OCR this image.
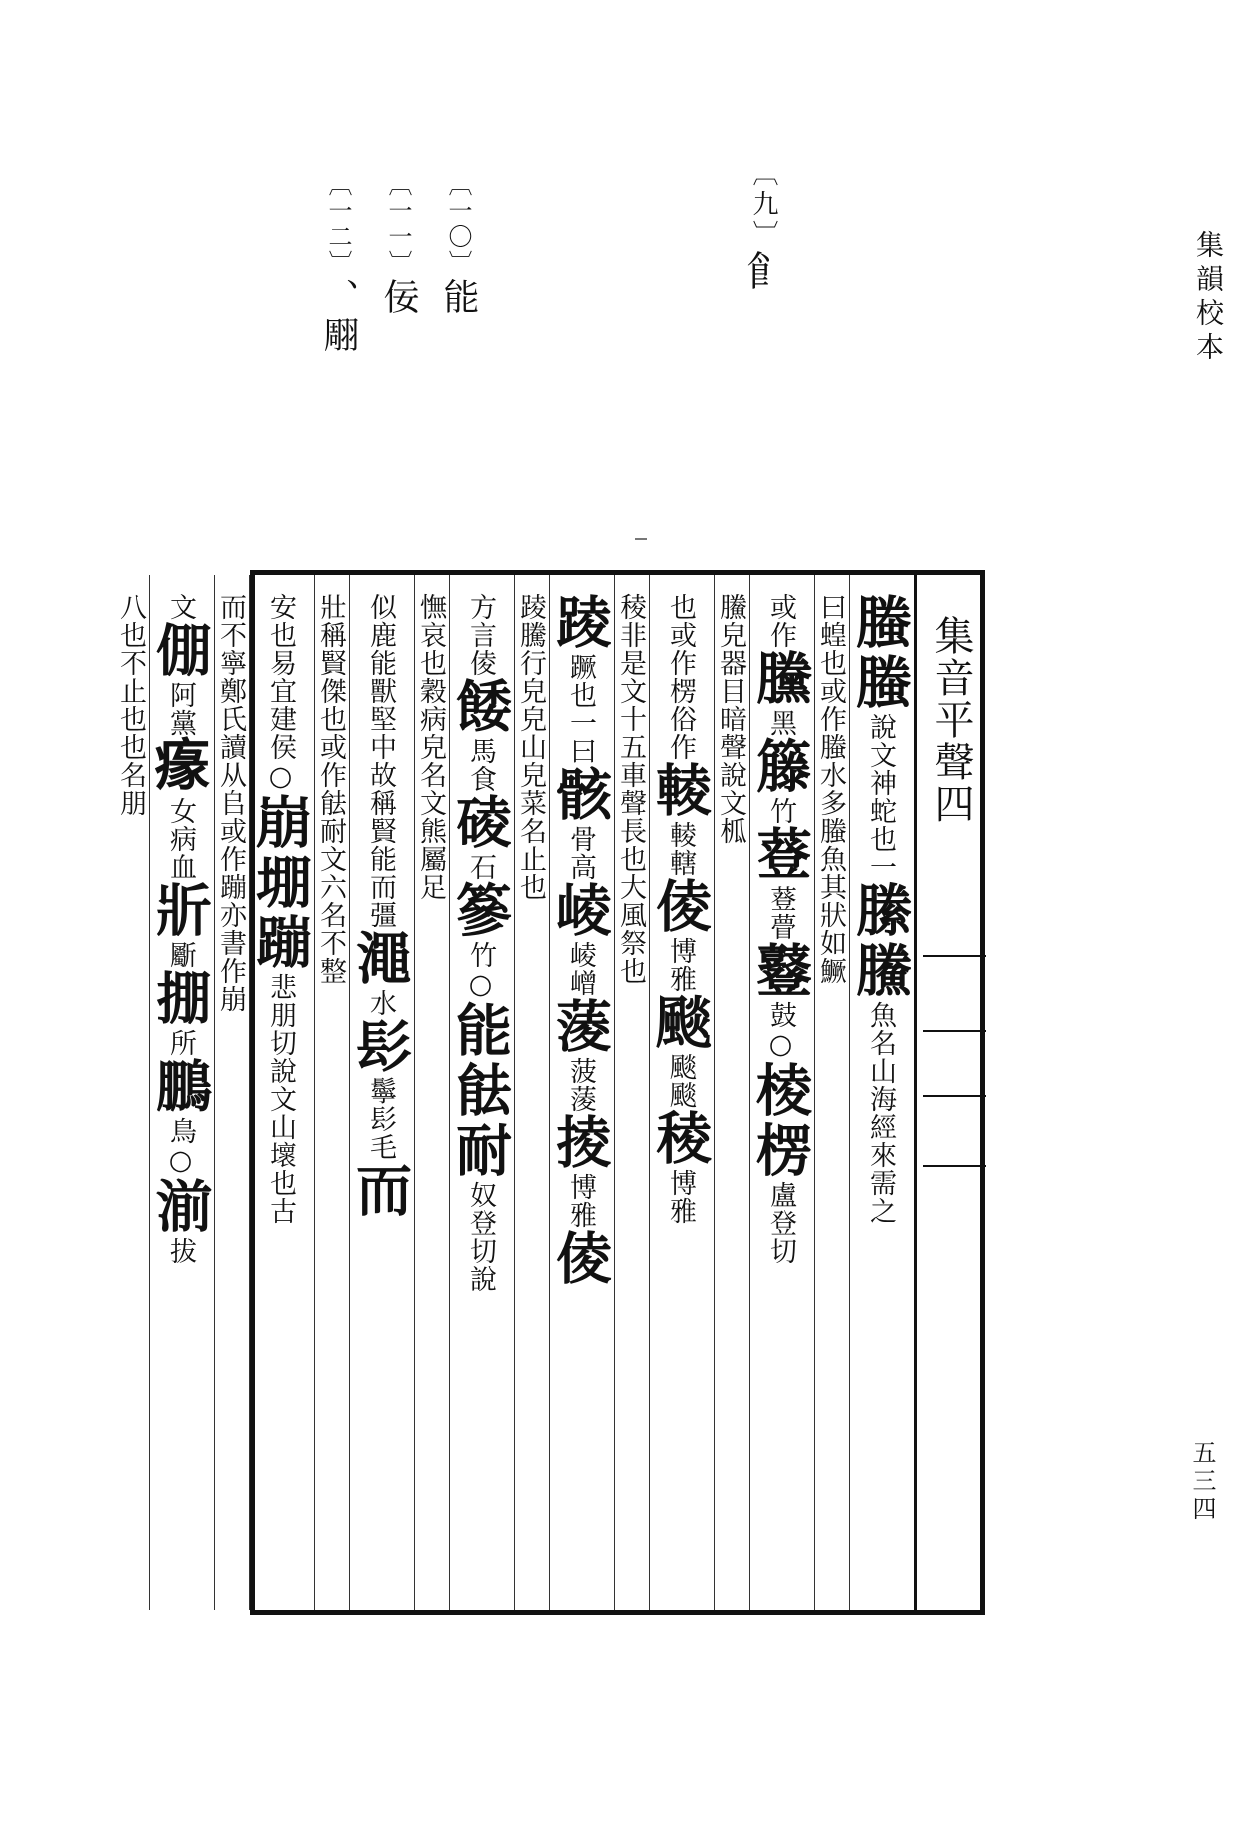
〔一〇〕能
〔一一〕佞
〔一二〕、翢
〔九〕𩙿	集韻校本
五三四
集音平聲四
螣螣說文神蛇也一縢鰧魚名山海經來需之
曰蝗也或作螣水多螣魚其狀如鱖
或作黱黑籐竹䔲䔲瞢鼟鼓○棱楞盧登切
鰧皃器目暗聲說文柧
也或作楞俗作輘輘轄倰博雅颷颷颷稜博雅
稜非是文十五車聲長也大風祭也
踜蹶也一曰骸骨高崚崚嶒蔆菠蔆掕博雅倰
踜騰行皃皃山皃菜名止也
方言倰餧馬食碐石篸竹○能䏻耐奴登切說
憮哀也穀病皃名文熊屬足
似鹿能獸堅中故稱賢能而彊澠水髟鬡髟毛而
壯稱賢傑也或作䏻耐文六名不整
安也易宜建侯○崩堋蹦悲朋切說文山壞也古
而不寧鄭氏讀从𠂤或作蹦亦書作崩
文倗阿黨𤸁女病血斨斸掤所鵬鳥○湔拔
八也不止也也名朋
